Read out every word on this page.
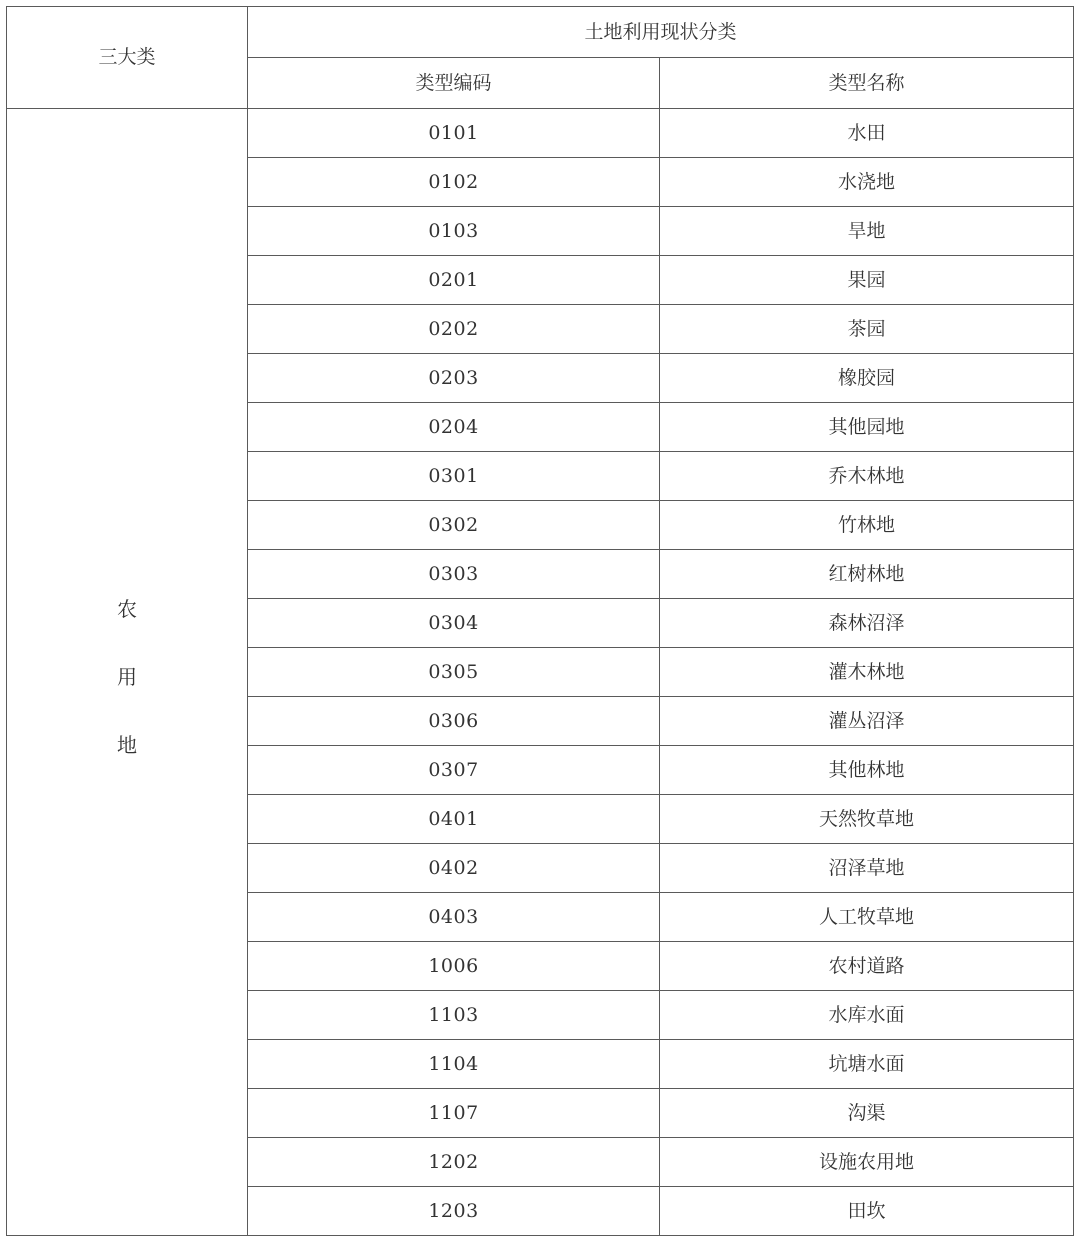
三大类	土地利用现状分类	
	类型编码	类型名称

农
用
地	0101	水田
	0102	水浇地
	0103	旱地
	0201	果园
	0202	茶园
	0203	橡胶园
	0204	其他园地
	0301	乔木林地
	0302	竹林地
	0303	红树林地
	0304	森林沼泽
	0305	灌木林地
	0306	灌丛沼泽
	0307	其他林地
	0401	天然牧草地
	0402	沼泽草地
	0403	人工牧草地
	1006	农村道路
	1103	水库水面
	1104	坑塘水面
	1107	沟渠
	1202	设施农用地
	1203	田坎
